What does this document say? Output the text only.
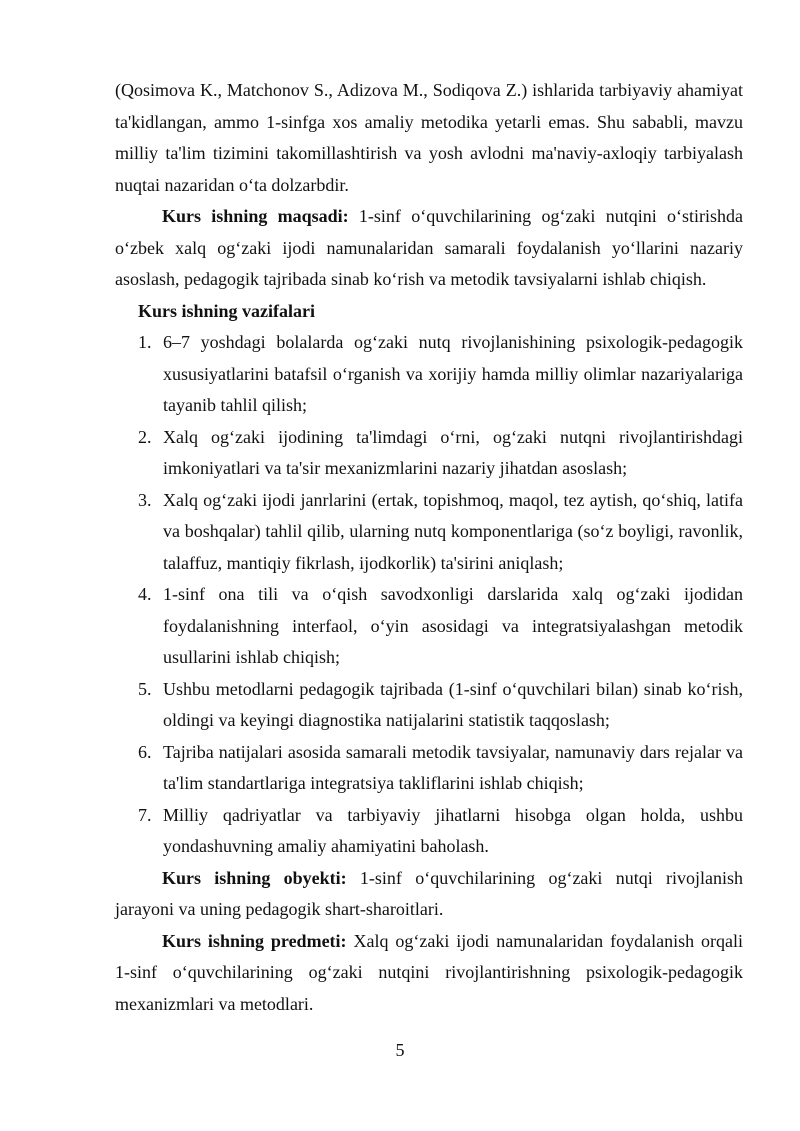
(Qosimova K., Matchonov S., Adizova M., Sodiqova Z.) ishlarida tarbiyaviy ahamiyat ta'kidlangan, ammo 1-sinfga xos amaliy metodika yetarli emas. Shu sababli, mavzu milliy ta'lim tizimini takomillashtirish va yosh avlodni ma'naviy-axloqiy tarbiyalash nuqtai nazaridan o‘ta dolzarbdir.

Kurs ishning maqsadi: 1-sinf o‘quvchilarining og‘zaki nutqini o‘stirishda o‘zbek xalq og‘zaki ijodi namunalaridan samarali foydalanish yo‘llarini nazariy asoslash, pedagogik tajribada sinab ko‘rish va metodik tavsiyalarni ishlab chiqish.

Kurs ishning vazifalari

1. 6–7 yoshdagi bolalarda og‘zaki nutq rivojlanishining psixologik-pedagogik xususiyatlarini batafsil o‘rganish va xorijiy hamda milliy olimlar nazariyalariga tayanib tahlil qilish;
2. Xalq og‘zaki ijodining ta'limdagi o‘rni, og‘zaki nutqni rivojlantirishdagi imkoniyatlari va ta'sir mexanizmlarini nazariy jihatdan asoslash;
3. Xalq og‘zaki ijodi janrlarini (ertak, topishmoq, maqol, tez aytish, qo‘shiq, latifa va boshqalar) tahlil qilib, ularning nutq komponentlariga (so‘z boyligi, ravonlik, talaffuz, mantiqiy fikrlash, ijodkorlik) ta'sirini aniqlash;
4. 1-sinf ona tili va o‘qish savodxonligi darslarida xalq og‘zaki ijodidan foydalanishning interfaol, o‘yin asosidagi va integratsiyalashgan metodik usullarini ishlab chiqish;
5. Ushbu metodlarni pedagogik tajribada (1-sinf o‘quvchilari bilan) sinab ko‘rish, oldingi va keyingi diagnostika natijalarini statistik taqqoslash;
6. Tajriba natijalari asosida samarali metodik tavsiyalar, namunaviy dars rejalar va ta'lim standartlariga integratsiya takliflarini ishlab chiqish;
7. Milliy qadriyatlar va tarbiyaviy jihatlarni hisobga olgan holda, ushbu yondashuvning amaliy ahamiyatini baholash.

Kurs ishning obyekti: 1-sinf o‘quvchilarining og‘zaki nutqi rivojlanish jarayoni va uning pedagogik shart-sharoitlari.

Kurs ishning predmeti: Xalq og‘zaki ijodi namunalaridan foydalanish orqali 1-sinf o‘quvchilarining og‘zaki nutqini rivojlantirishning psixologik-pedagogik mexanizmlari va metodlari.

5
